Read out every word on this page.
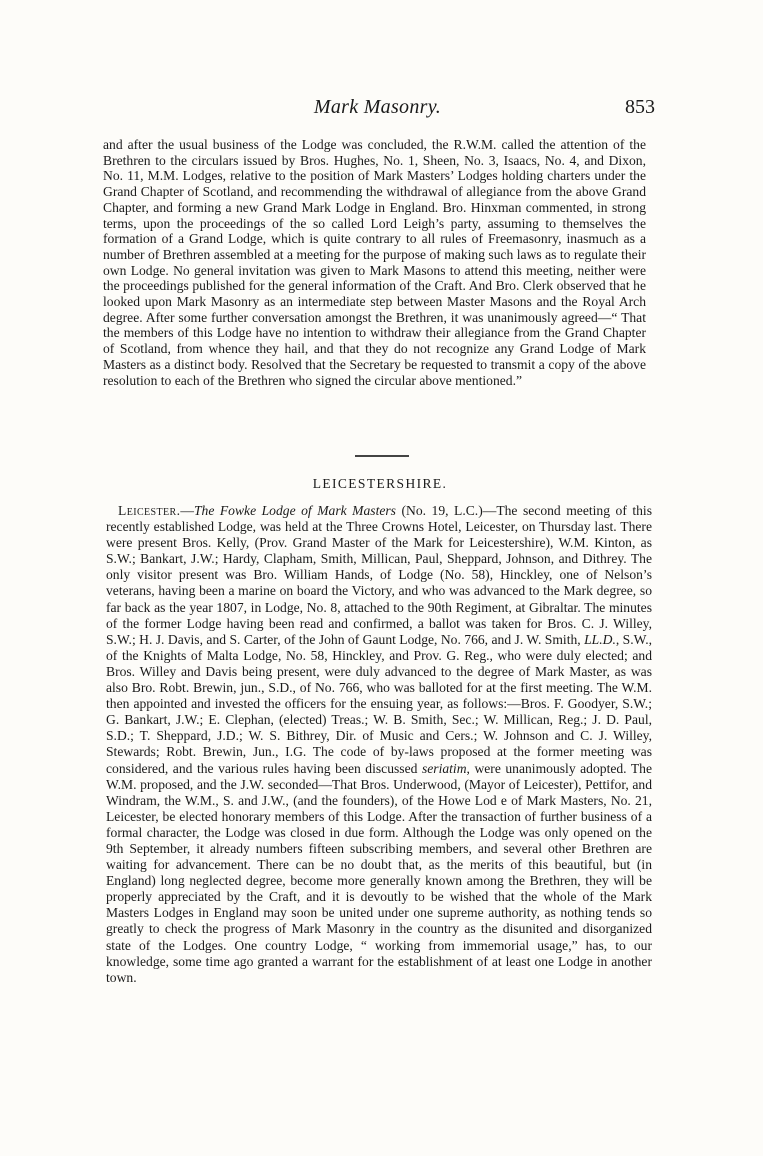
Mark Masonry.	853

and after the usual business of the Lodge was concluded, the R.W.M. called the attention of the Brethren to the circulars issued by Bros. Hughes, No. 1, Sheen, No. 3, Isaacs, No. 4, and Dixon, No. 11, M.M. Lodges, relative to the position of Mark Masters’ Lodges holding charters under the Grand Chapter of Scotland, and recommending the withdrawal of allegiance from the above Grand Chapter, and forming a new Grand Mark Lodge in England. Bro. Hinxman commented, in strong terms, upon the proceedings of the so called Lord Leigh’s party, assuming to themselves the formation of a Grand Lodge, which is quite contrary to all rules of Freemasonry, inasmuch as a number of Brethren assembled at a meeting for the purpose of making such laws as to regulate their own Lodge. No general invitation was given to Mark Masons to attend this meeting, neither were the proceedings published for the general information of the Craft. And Bro. Clerk observed that he looked upon Mark Masonry as an intermediate step between Master Masons and the Royal Arch degree. After some further conversation amongst the Brethren, it was unanimously agreed—“ That the members of this Lodge have no intention to withdraw their allegiance from the Grand Chapter of Scotland, from whence they hail, and that they do not recognize any Grand Lodge of Mark Masters as a distinct body. Resolved that the Secretary be requested to transmit a copy of the above resolution to each of the Brethren who signed the circular above mentioned.”

LEICESTERSHIRE.

Leicester.—The Fowke Lodge of Mark Masters (No. 19, L.C.)—The second meeting of this recently established Lodge, was held at the Three Crowns Hotel, Leicester, on Thursday last. There were present Bros. Kelly, (Prov. Grand Master of the Mark for Leicestershire), W.M. Kinton, as S.W.; Bankart, J.W.; Hardy, Clapham, Smith, Millican, Paul, Sheppard, Johnson, and Dithrey. The only visitor present was Bro. William Hands, of Lodge (No. 58), Hinckley, one of Nelson’s veterans, having been a marine on board the Victory, and who was advanced to the Mark degree, so far back as the year 1807, in Lodge, No. 8, attached to the 90th Regiment, at Gibraltar. The minutes of the former Lodge having been read and confirmed, a ballot was taken for Bros. C. J. Willey, S.W.; H. J. Davis, and S. Carter, of the John of Gaunt Lodge, No. 766, and J. W. Smith, LL.D., S.W., of the Knights of Malta Lodge, No. 58, Hinckley, and Prov. G. Reg., who were duly elected; and Bros. Willey and Davis being present, were duly advanced to the degree of Mark Master, as was also Bro. Robt. Brewin, jun., S.D., of No. 766, who was balloted for at the first meeting. The W.M. then appointed and invested the officers for the ensuing year, as follows:—Bros. F. Goodyer, S.W.; G. Bankart, J.W.; E. Clephan, (elected) Treas.; W. B. Smith, Sec.; W. Millican, Reg.; J. D. Paul, S.D.; T. Sheppard, J.D.; W. S. Bithrey, Dir. of Music and Cers.; W. Johnson and C. J. Willey, Stewards; Robt. Brewin, Jun., I.G. The code of by-laws proposed at the former meeting was considered, and the various rules having been discussed seriatim, were unanimously adopted. The W.M. proposed, and the J.W. seconded—That Bros. Underwood, (Mayor of Leicester), Pettifor, and Windram, the W.M., S. and J.W., (and the founders), of the Howe Lod e of Mark Masters, No. 21, Leicester, be elected honorary members of this Lodge. After the transaction of further business of a formal character, the Lodge was closed in due form. Although the Lodge was only opened on the 9th September, it already numbers fifteen subscribing members, and several other Brethren are waiting for advancement. There can be no doubt that, as the merits of this beautiful, but (in England) long neglected degree, become more generally known among the Brethren, they will be properly appreciated by the Craft, and it is devoutly to be wished that the whole of the Mark Masters Lodges in England may soon be united under one supreme authority, as nothing tends so greatly to check the progress of Mark Masonry in the country as the disunited and disorganized state of the Lodges. One country Lodge, “ working from immemorial usage,” has, to our knowledge, some time ago granted a warrant for the establishment of at least one Lodge in another town.
